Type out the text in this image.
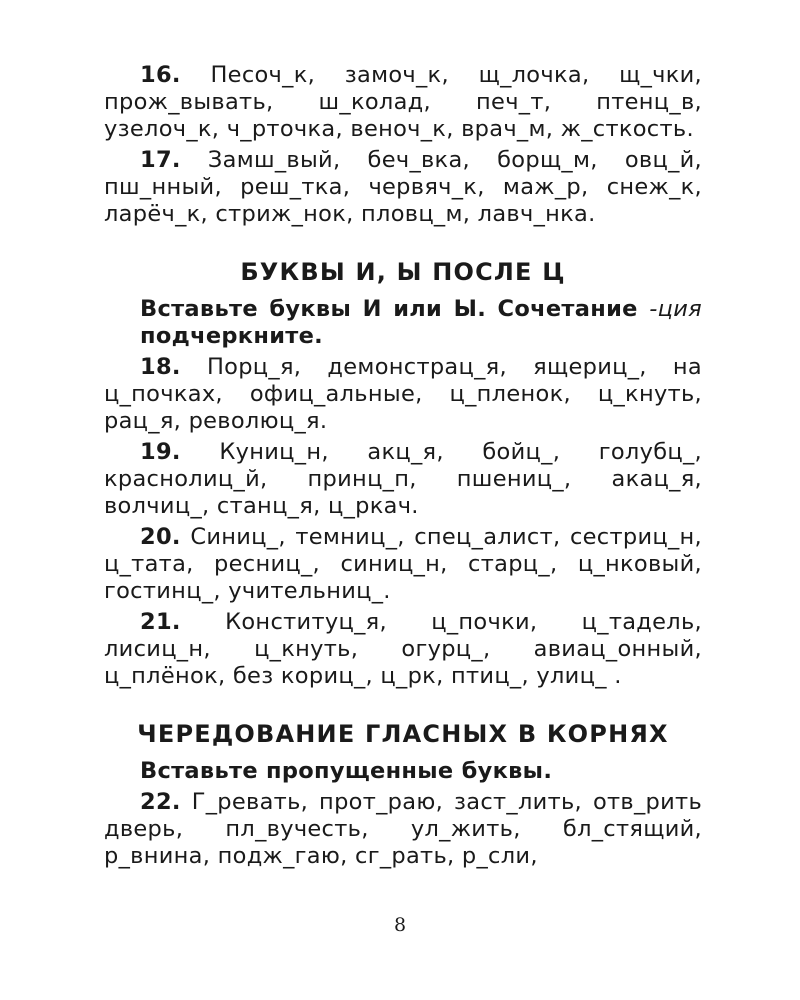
16. Песоч_к, замоч_к, щ_лочка, щ_чки, прож_вывать, ш_колад, печ_т, птенц_в, узелоч_к, ч_рточка, веноч_к, врач_м, ж_сткость.

17. Замш_вый, беч_вка, борщ_м, овц_й, пш_нный, реш_тка, червяч_к, маж_р, снеж_к, ларёч_к, стриж_нок, пловц_м, лавч_нка.

БУКВЫ И, Ы ПОСЛЕ Ц

Вставьте буквы И или Ы. Сочетание -ция подчеркните.

18. Порц_я, демонстрац_я, ящериц_, на ц_почках, офиц_альные, ц_пленок, ц_кнуть, рац_я, революц_я.

19. Куниц_н, акц_я, бойц_, голубц_, краснолиц_й, принц_п, пшениц_, акац_я, волчиц_, станц_я, ц_ркач.

20. Синиц_, темниц_, спец_алист, сестриц_н, ц_тата, ресниц_, синиц_н, старц_, ц_нковый, гостинц_, учительниц_.

21. Конституц_я, ц_почки, ц_тадель, лисиц_н, ц_кнуть, огурц_, авиац_онный, ц_плёнок, без кориц_, ц_рк, птиц_, улиц_ .

ЧЕРЕДОВАНИЕ ГЛАСНЫХ В КОРНЯХ

Вставьте пропущенные буквы.

22. Г_ревать, прот_раю, заст_лить, отв_рить дверь, пл_вучесть, ул_жить, бл_стящий, р_внина, подж_гаю, сг_рать, р_сли,

8
